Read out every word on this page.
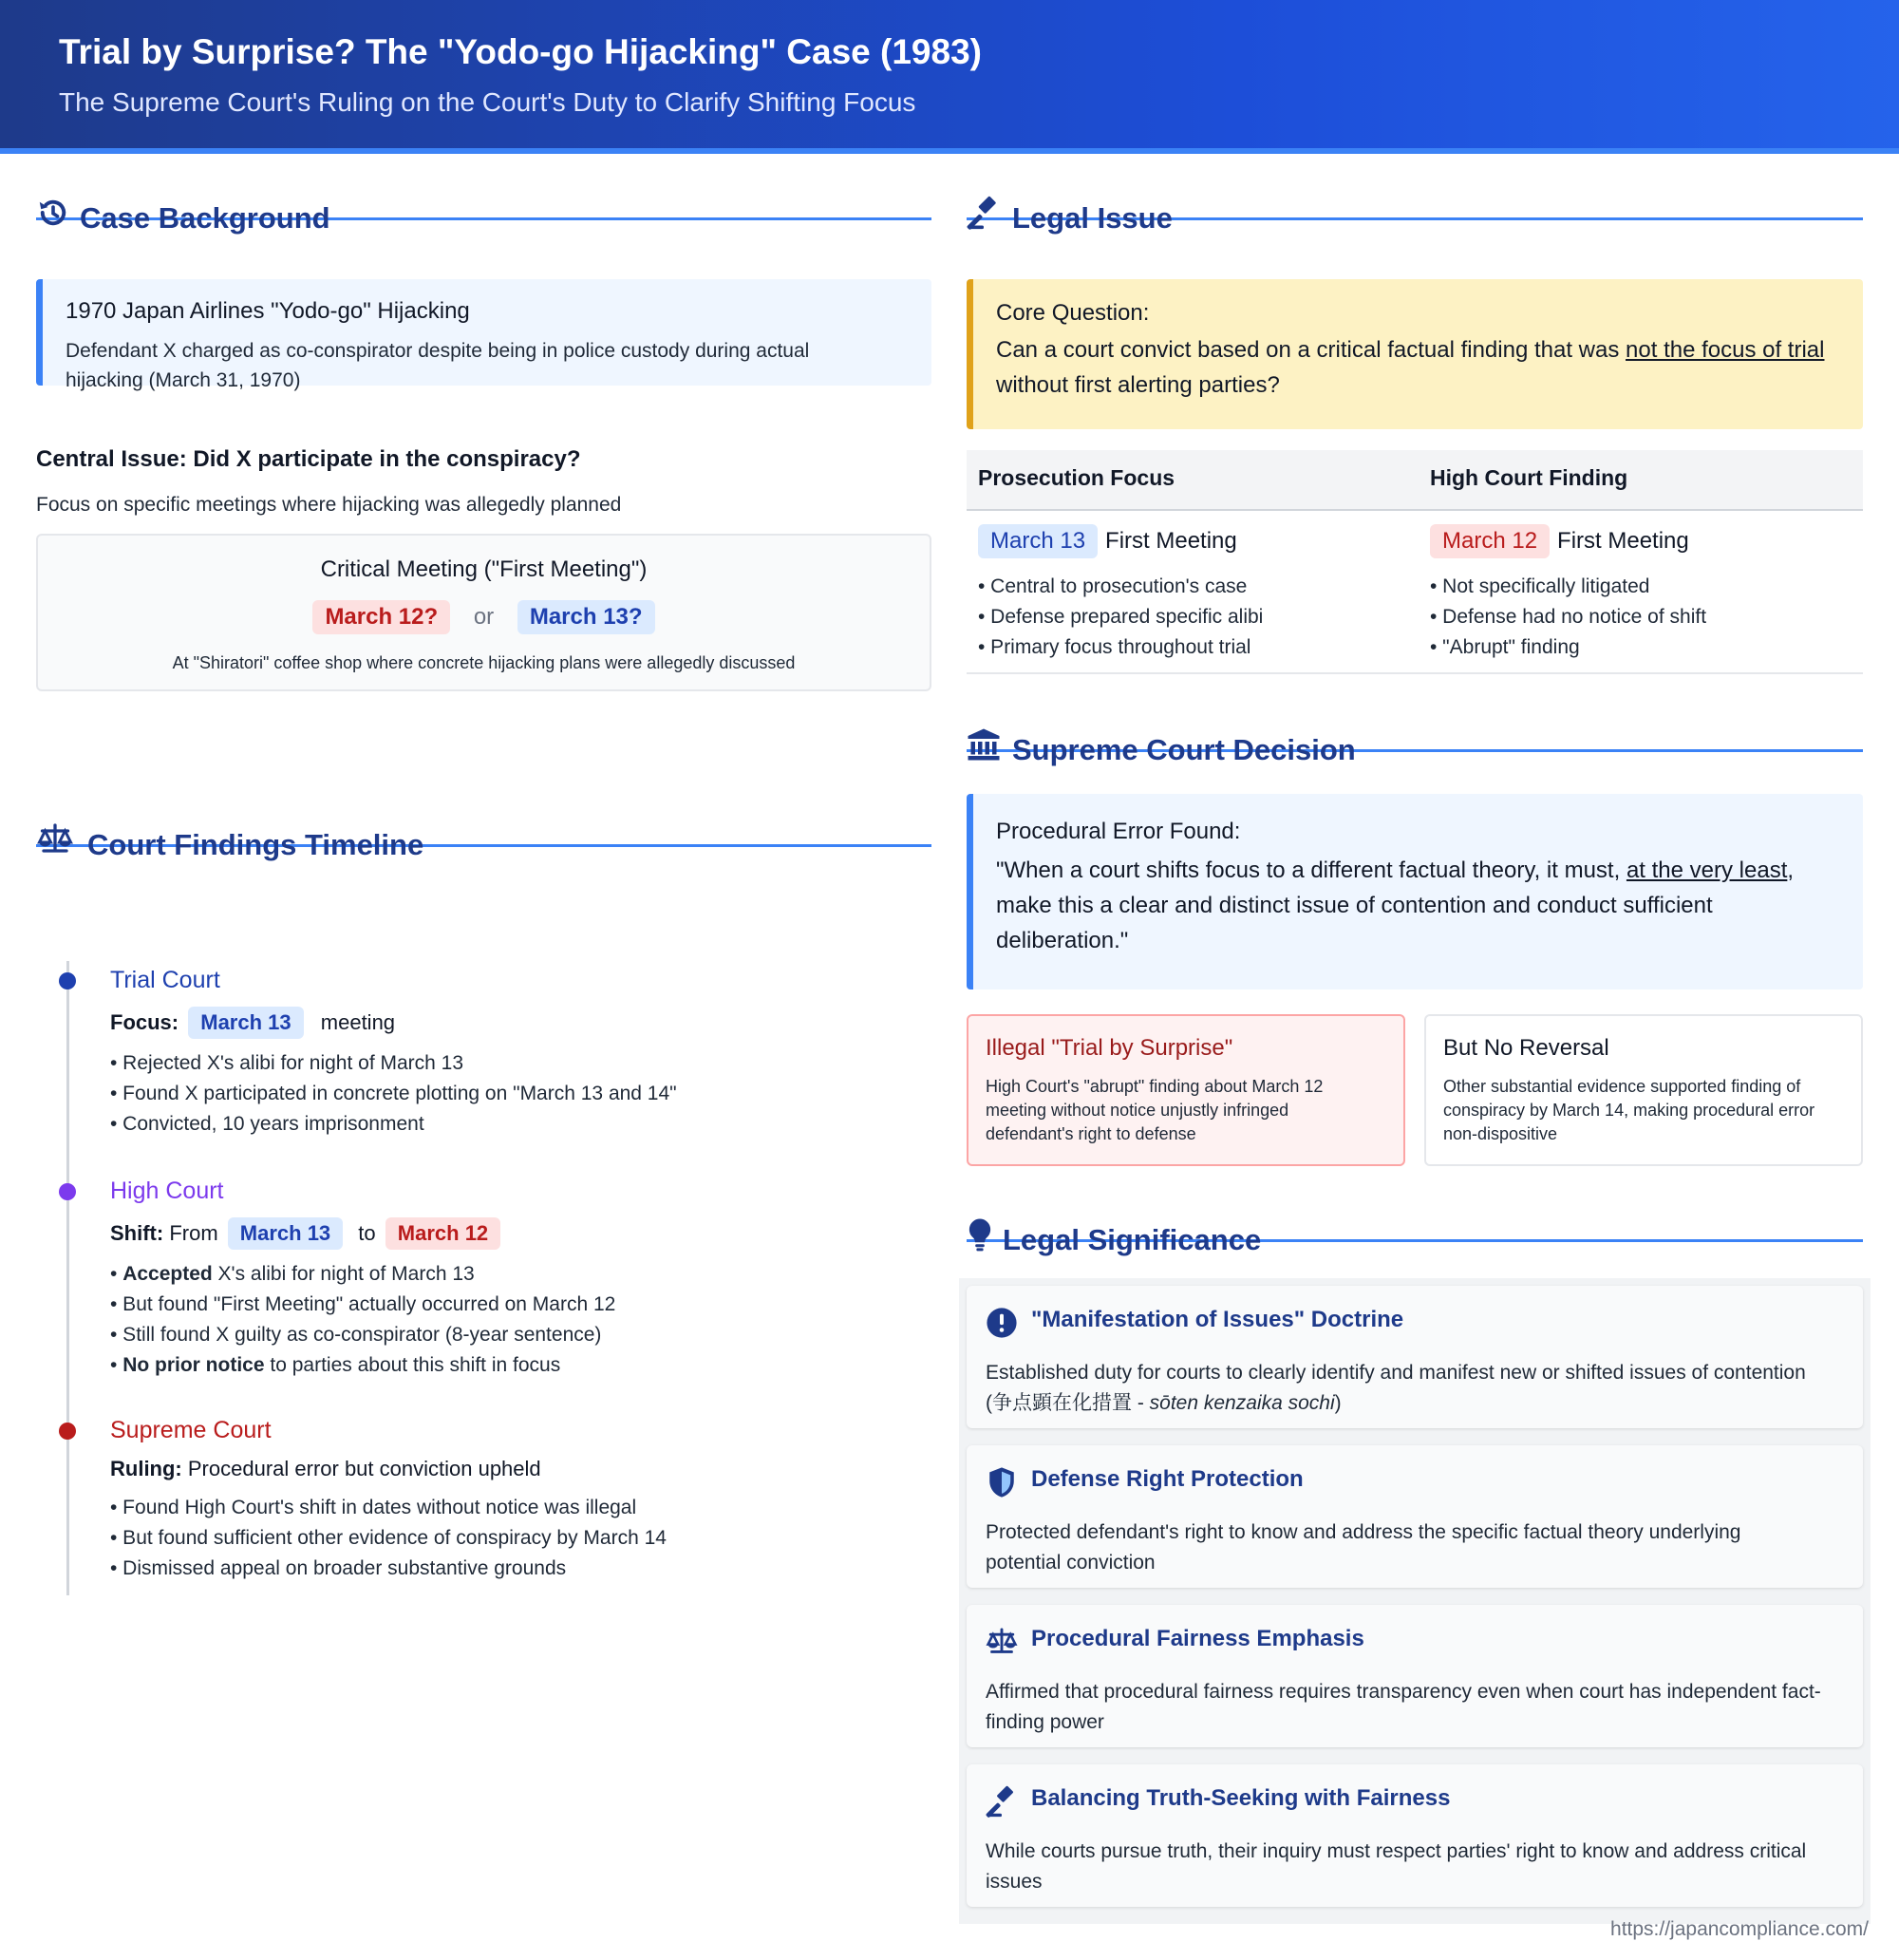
Trial by Surprise? The "Yodo-go Hijacking" Case (1983)

The Supreme Court's Ruling on the Court's Duty to Clarify Shifting Focus

Case Background
1970 Japan Airlines "Yodo-go" Hijacking
Defendant X charged as co-conspirator despite being in police custody during actual hijacking (March 31, 1970)
Central Issue: Did X participate in the conspiracy?
Focus on specific meetings where hijacking was allegedly planned
Critical Meeting ("First Meeting")
March 12? or March 13?
At "Shiratori" coffee shop where concrete hijacking plans were allegedly discussed
Court Findings Timeline
Trial Court
Focus: March 13 meeting
• Rejected X's alibi for night of March 13
• Found X participated in concrete plotting on "March 13 and 14"
• Convicted, 10 years imprisonment
High Court
Shift: From March 13 to March 12
• Accepted X's alibi for night of March 13
• But found "First Meeting" actually occurred on March 12
• Still found X guilty as co-conspirator (8-year sentence)
• No prior notice to parties about this shift in focus
Supreme Court
Ruling: Procedural error but conviction upheld
• Found High Court's shift in dates without notice was illegal
• But found sufficient other evidence of conspiracy by March 14
• Dismissed appeal on broader substantive grounds
Legal Issue
Core Question:
Can a court convict based on a critical factual finding that was not the focus of trial without first alerting parties?
Prosecution Focus	High Court Finding
March 13 First Meeting
• Central to prosecution's case
• Defense prepared specific alibi
• Primary focus throughout trial
March 12 First Meeting
• Not specifically litigated
• Defense had no notice of shift
• "Abrupt" finding
Supreme Court Decision
Procedural Error Found:
"When a court shifts focus to a different factual theory, it must, at the very least, make this a clear and distinct issue of contention and conduct sufficient deliberation."
Illegal "Trial by Surprise"
High Court's "abrupt" finding about March 12 meeting without notice unjustly infringed defendant's right to defense
But No Reversal
Other substantial evidence supported finding of conspiracy by March 14, making procedural error non-dispositive
Legal Significance
"Manifestation of Issues" Doctrine
Established duty for courts to clearly identify and manifest new or shifted issues of contention (争点顕在化措置 - sōten kenzaika sochi)
Defense Right Protection
Protected defendant's right to know and address the specific factual theory underlying potential conviction
Procedural Fairness Emphasis
Affirmed that procedural fairness requires transparency even when court has independent fact-finding power
Balancing Truth-Seeking with Fairness
While courts pursue truth, their inquiry must respect parties' right to know and address critical issues
https://japancompliance.com/
